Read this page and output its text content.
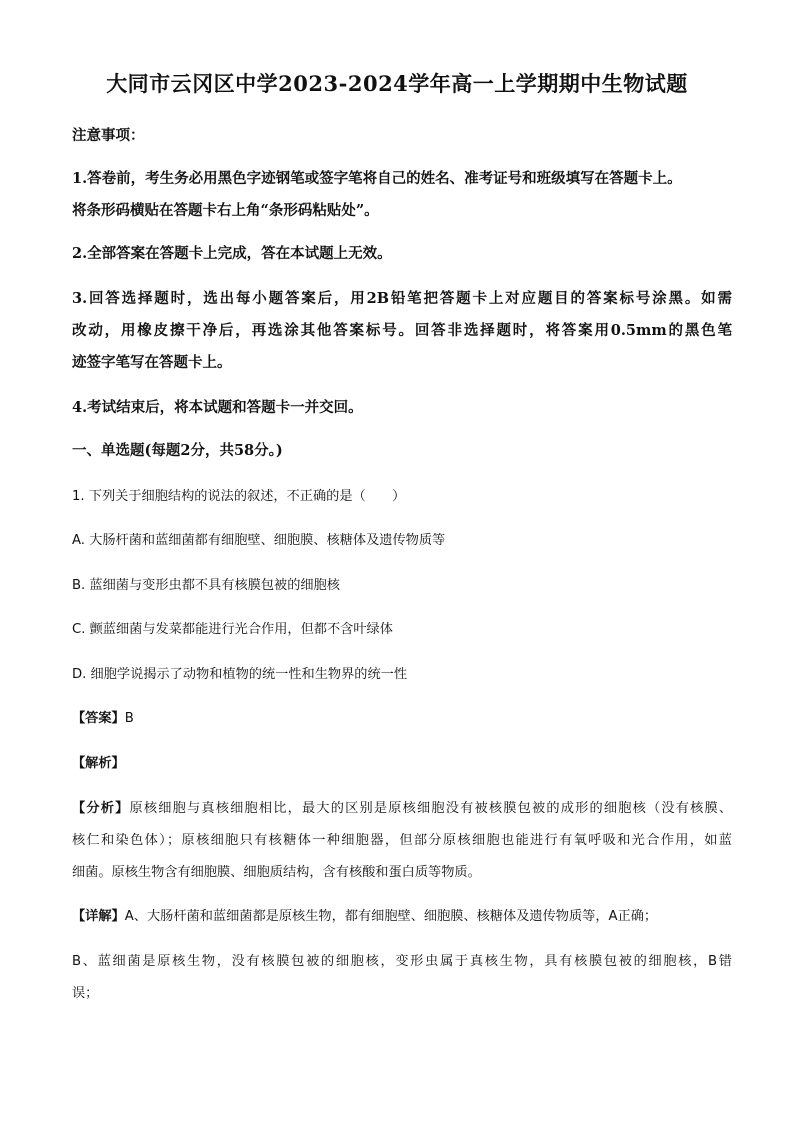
大同市云冈区中学2023-2024学年高一上学期期中生物试题
注意事项：
1.答卷前，考生务必用黑色字迹钢笔或签字笔将自己的姓名、准考证号和班级填写在答题卡上。
将条形码横贴在答题卡右上角“条形码粘贴处”。
2.全部答案在答题卡上完成，答在本试题上无效。
3.回答选择题时，选出每小题答案后，用2B铅笔把答题卡上对应题目的答案标号涂黑。如需
改动，用橡皮擦干净后，再选涂其他答案标号。回答非选择题时，将答案用0.5mm的黑色笔
迹签字笔写在答题卡上。
4.考试结束后，将本试题和答题卡一并交回。
一、单选题(每题2分，共58分。)
1. 下列关于细胞结构的说法的叙述，不正确的是（　　）
A. 大肠杆菌和蓝细菌都有细胞壁、细胞膜、核糖体及遗传物质等
B. 蓝细菌与变形虫都不具有核膜包被的细胞核
C. 颤蓝细菌与发菜都能进行光合作用，但都不含叶绿体
D. 细胞学说揭示了动物和植物的统一性和生物界的统一性
【答案】B
【解析】
【分析】原核细胞与真核细胞相比，最大的区别是原核细胞没有被核膜包被的成形的细胞核（没有核膜、
核仁和染色体）；原核细胞只有核糖体一种细胞器，但部分原核细胞也能进行有氧呼吸和光合作用，如蓝
细菌。原核生物含有细胞膜、细胞质结构，含有核酸和蛋白质等物质。
【详解】A、大肠杆菌和蓝细菌都是原核生物，都有细胞壁、细胞膜、核糖体及遗传物质等，A正确；
B、蓝细菌是原核生物，没有核膜包被的细胞核，变形虫属于真核生物，具有核膜包被的细胞核，B错
误；
